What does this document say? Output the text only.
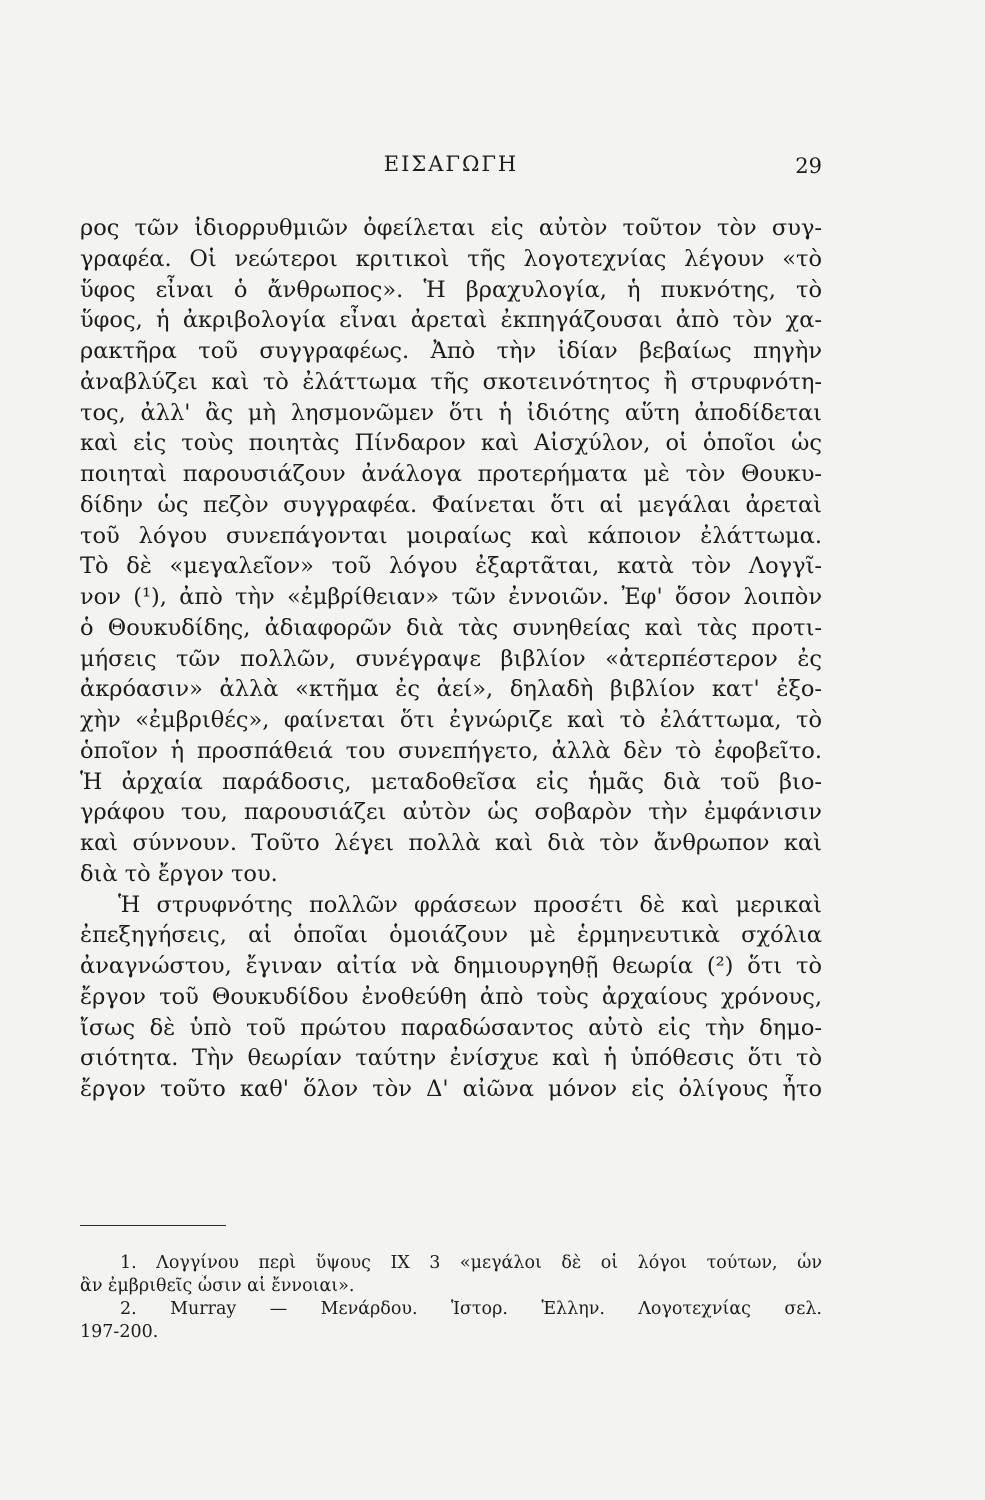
ΕΙΣΑΓΩΓΗ	29
ρος τῶν ἰδιορρυθμιῶν ὀφείλεται εἰς αὐτὸν τοῦτον τὸν συγ-
γραφέα. Οἱ νεώτεροι κριτικοὶ τῆς λογοτεχνίας λέγουν «τὸ
ὕφος εἶναι ὁ ἄνθρωπος». Ἡ βραχυλογία, ἡ πυκνότης, τὸ
ὕφος, ἡ ἀκριβολογία εἶναι ἀρεταὶ ἐκπηγάζουσαι ἀπὸ τὸν χα-
ρακτῆρα τοῦ συγγραφέως. Ἀπὸ τὴν ἰδίαν βεβαίως πηγὴν
ἀναβλύζει καὶ τὸ ἐλάττωμα τῆς σκοτεινότητος ἢ στρυφνότη-
τος, ἀλλ' ἂς μὴ λησμονῶμεν ὅτι ἡ ἰδιότης αὕτη ἀποδίδεται
καὶ εἰς τοὺς ποιητὰς Πίνδαρον καὶ Αἰσχύλον, οἱ ὁποῖοι ὡς
ποιηταὶ παρουσιάζουν ἀνάλογα προτερήματα μὲ τὸν Θουκυ-
δίδην ὡς πεζὸν συγγραφέα. Φαίνεται ὅτι αἱ μεγάλαι ἀρεταὶ
τοῦ λόγου συνεπάγονται μοιραίως καὶ κάποιον ἐλάττωμα.
Τὸ δὲ «μεγαλεῖον» τοῦ λόγου ἐξαρτᾶται, κατὰ τὸν Λογγῖ-
νον (¹), ἀπὸ τὴν «ἐμβρίθειαν» τῶν ἐννοιῶν. Ἐφ' ὅσον λοιπὸν
ὁ Θουκυδίδης, ἀδιαφορῶν διὰ τὰς συνηθείας καὶ τὰς προτι-
μήσεις τῶν πολλῶν, συνέγραψε βιβλίον «ἀτερπέστερον ἐς
ἀκρόασιν» ἀλλὰ «κτῆμα ἐς ἀεί», δηλαδὴ βιβλίον κατ' ἐξο-
χὴν «ἐμβριθές», φαίνεται ὅτι ἐγνώριζε καὶ τὸ ἐλάττωμα, τὸ
ὁποῖον ἡ προσπάθειά του συνεπήγετο, ἀλλὰ δὲν τὸ ἐφοβεῖτο.
Ἡ ἀρχαία παράδοσις, μεταδοθεῖσα εἰς ἡμᾶς διὰ τοῦ βιο-
γράφου του, παρουσιάζει αὐτὸν ὡς σοβαρὸν τὴν ἐμφάνισιν
καὶ σύννουν. Τοῦτο λέγει πολλὰ καὶ διὰ τὸν ἄνθρωπον καὶ
διὰ τὸ ἔργον του.
Ἡ στρυφνότης πολλῶν φράσεων προσέτι δὲ καὶ μερικαὶ
ἐπεξηγήσεις, αἱ ὁποῖαι ὁμοιάζουν μὲ ἑρμηνευτικὰ σχόλια
ἀναγνώστου, ἔγιναν αἰτία νὰ δημιουργηθῇ θεωρία (²) ὅτι τὸ
ἔργον τοῦ Θουκυδίδου ἐνοθεύθη ἀπὸ τοὺς ἀρχαίους χρόνους,
ἴσως δὲ ὑπὸ τοῦ πρώτου παραδώσαντος αὐτὸ εἰς τὴν δημο-
σιότητα. Τὴν θεωρίαν ταύτην ἐνίσχυε καὶ ἡ ὑπόθεσις ὅτι τὸ
ἔργον τοῦτο καθ' ὅλον τὸν Δ' αἰῶνα μόνον εἰς ὀλίγους ἦτο
1. Λογγίνου περὶ ὕψους IX 3 «μεγάλοι δὲ οἱ λόγοι τούτων, ὧν
ἂν ἐμβριθεῖς ὦσιν αἱ ἔννοιαι».
2. Murray — Μενάρδου. Ἱστορ. Ἑλλην. Λογοτεχνίας σελ.
197-200.
